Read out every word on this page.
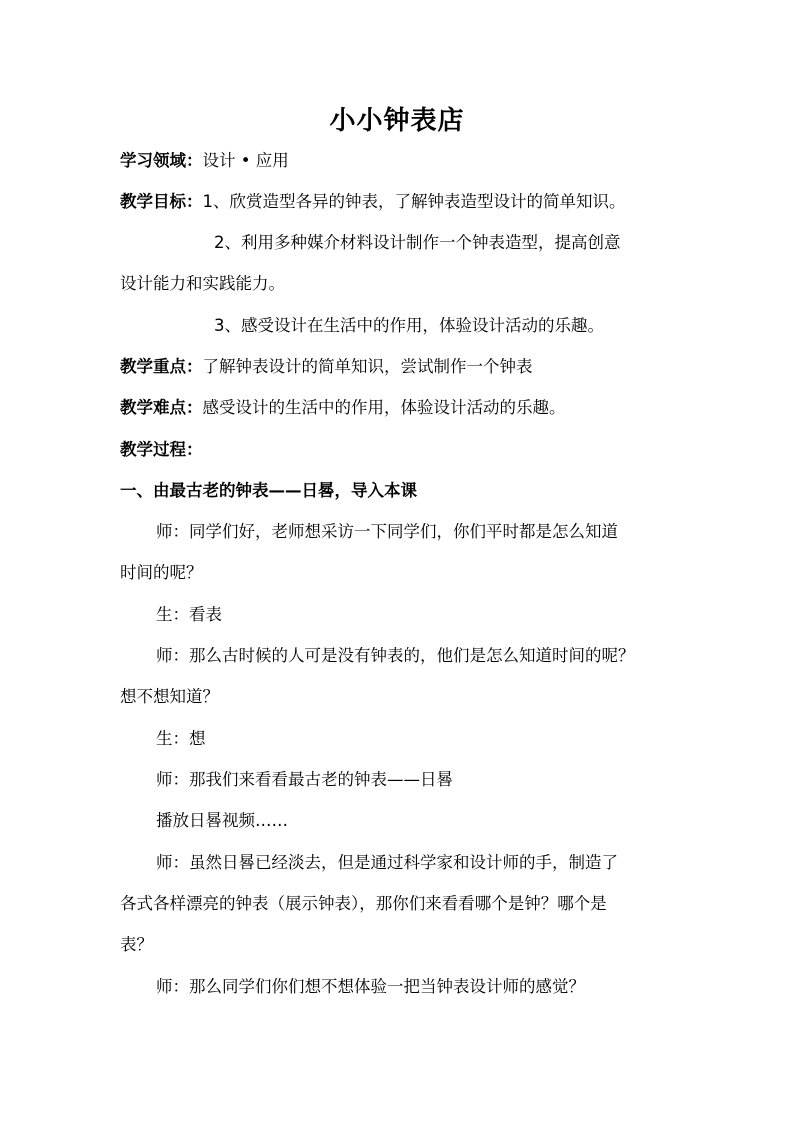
小小钟表店
学习领域：设计 • 应用
教学目标：1、欣赏造型各异的钟表，了解钟表造型设计的简单知识。
2、利用多种媒介材料设计制作一个钟表造型，提高创意
设计能力和实践能力。
3、感受设计在生活中的作用，体验设计活动的乐趣。
教学重点：了解钟表设计的简单知识，尝试制作一个钟表
教学难点：感受设计的生活中的作用，体验设计活动的乐趣。
教学过程：
一、由最古老的钟表——日晷，导入本课
师：同学们好，老师想采访一下同学们，你们平时都是怎么知道
时间的呢？
生：看表
师：那么古时候的人可是没有钟表的，他们是怎么知道时间的呢？
想不想知道？
生：想
师：那我们来看看最古老的钟表——日晷
播放日晷视频……
师：虽然日晷已经淡去，但是通过科学家和设计师的手，制造了
各式各样漂亮的钟表（展示钟表），那你们来看看哪个是钟？哪个是
表？
师：那么同学们你们想不想体验一把当钟表设计师的感觉？
